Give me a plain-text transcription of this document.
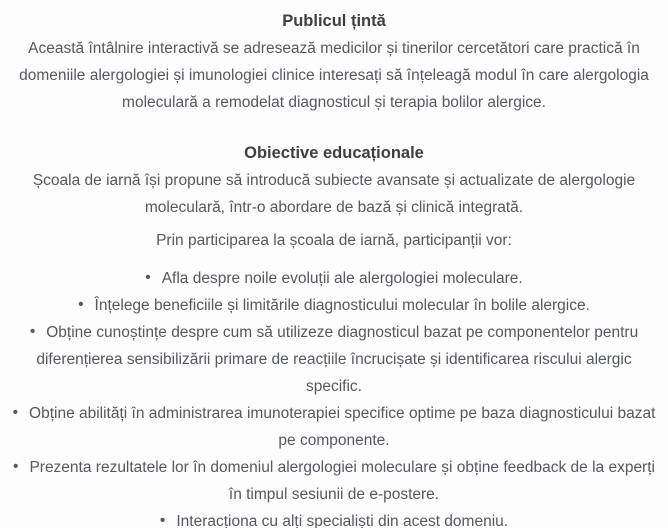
Publicul țintă

Această întâlnire interactivă se adresează medicilor și tinerilor cercetători care practică în domeniile alergologiei și imunologiei clinice interesați să înțeleagă modul în care alergologia moleculară a remodelat diagnosticul și terapia bolilor alergice.

Obiective educaționale

Școala de iarnă își propune să introducă subiecte avansate și actualizate de alergologie moleculară, într-o abordare de bază și clinică integrată.

Prin participarea la școala de iarnă, participanții vor:

• Afla despre noile evoluții ale alergologiei moleculare.
• Înțelege beneficiile și limitările diagnosticului molecular în bolile alergice.
• Obține cunoștințe despre cum să utilizeze diagnosticul bazat pe componentelor pentru diferențierea sensibilizării primare de reacțiile încrucișate și identificarea riscului alergic specific.
• Obține abilități în administrarea imunoterapiei specifice optime pe baza diagnosticului bazat pe componente.
• Prezenta rezultatele lor în domeniul alergologiei moleculare și obține feedback de la experți în timpul sesiunii de e-postere.
• Interacționa cu alți specialiști din acest domeniu.
